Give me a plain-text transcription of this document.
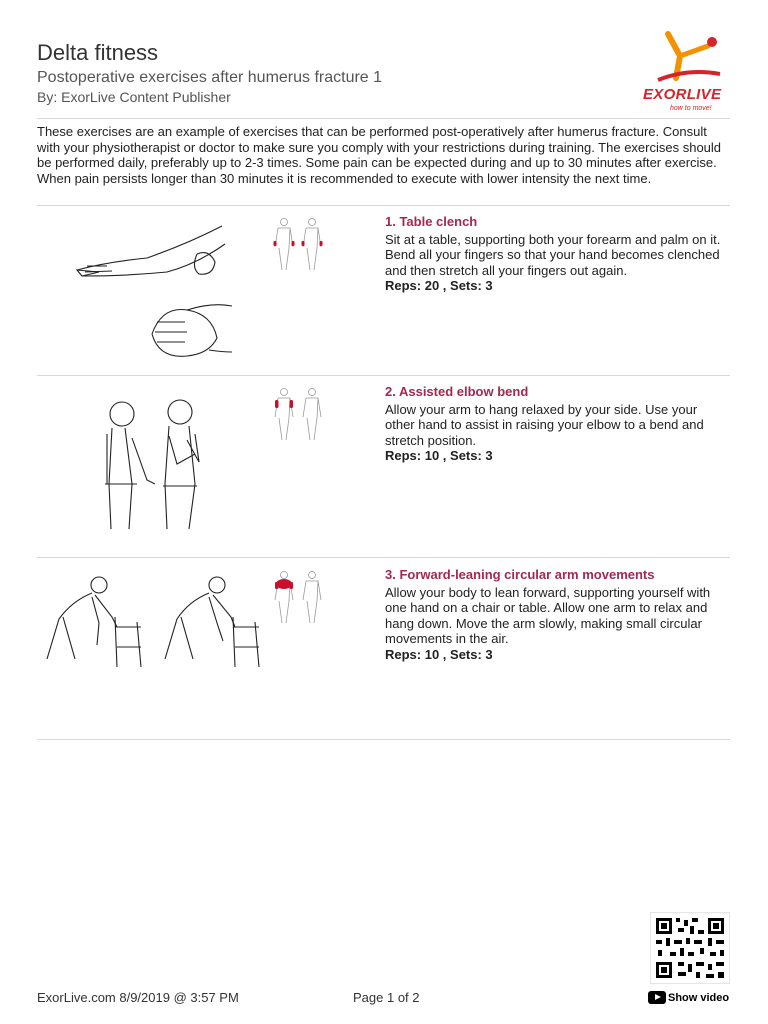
Delta fitness
Postoperative exercises after humerus fracture 1
By: ExorLive Content Publisher	EXORLIVE
how to move!
These exercises are an example of exercises that can be performed post-operatively after humerus fracture. Consult with your physiotherapist or doctor to make sure you comply with your restrictions during training. The exercises should be performed daily, preferably up to 2-3 times. Some pain can be expected during and up to 30 minutes after exercise. When pain persists longer than 30 minutes it is recommended to execute with lower intensity the next time.
1. Table clench
Sit at a table, supporting both your forearm and palm on it. Bend all your fingers so that your hand becomes clenched and then stretch all your fingers out again.
Reps: 20 , Sets: 3
2. Assisted elbow bend
Allow your arm to hang relaxed by your side. Use your other hand to assist in raising your elbow to a bend and stretch position.
Reps: 10 , Sets: 3
3. Forward-leaning circular arm movements
Allow your body to lean forward, supporting yourself with one hand on a chair or table. Allow one arm to relax and hang down. Move the arm slowly, making small circular movements in the air.
Reps: 10 , Sets: 3
ExorLive.com 8/9/2019 @ 3:57 PM	Page 1 of 2	Show video
